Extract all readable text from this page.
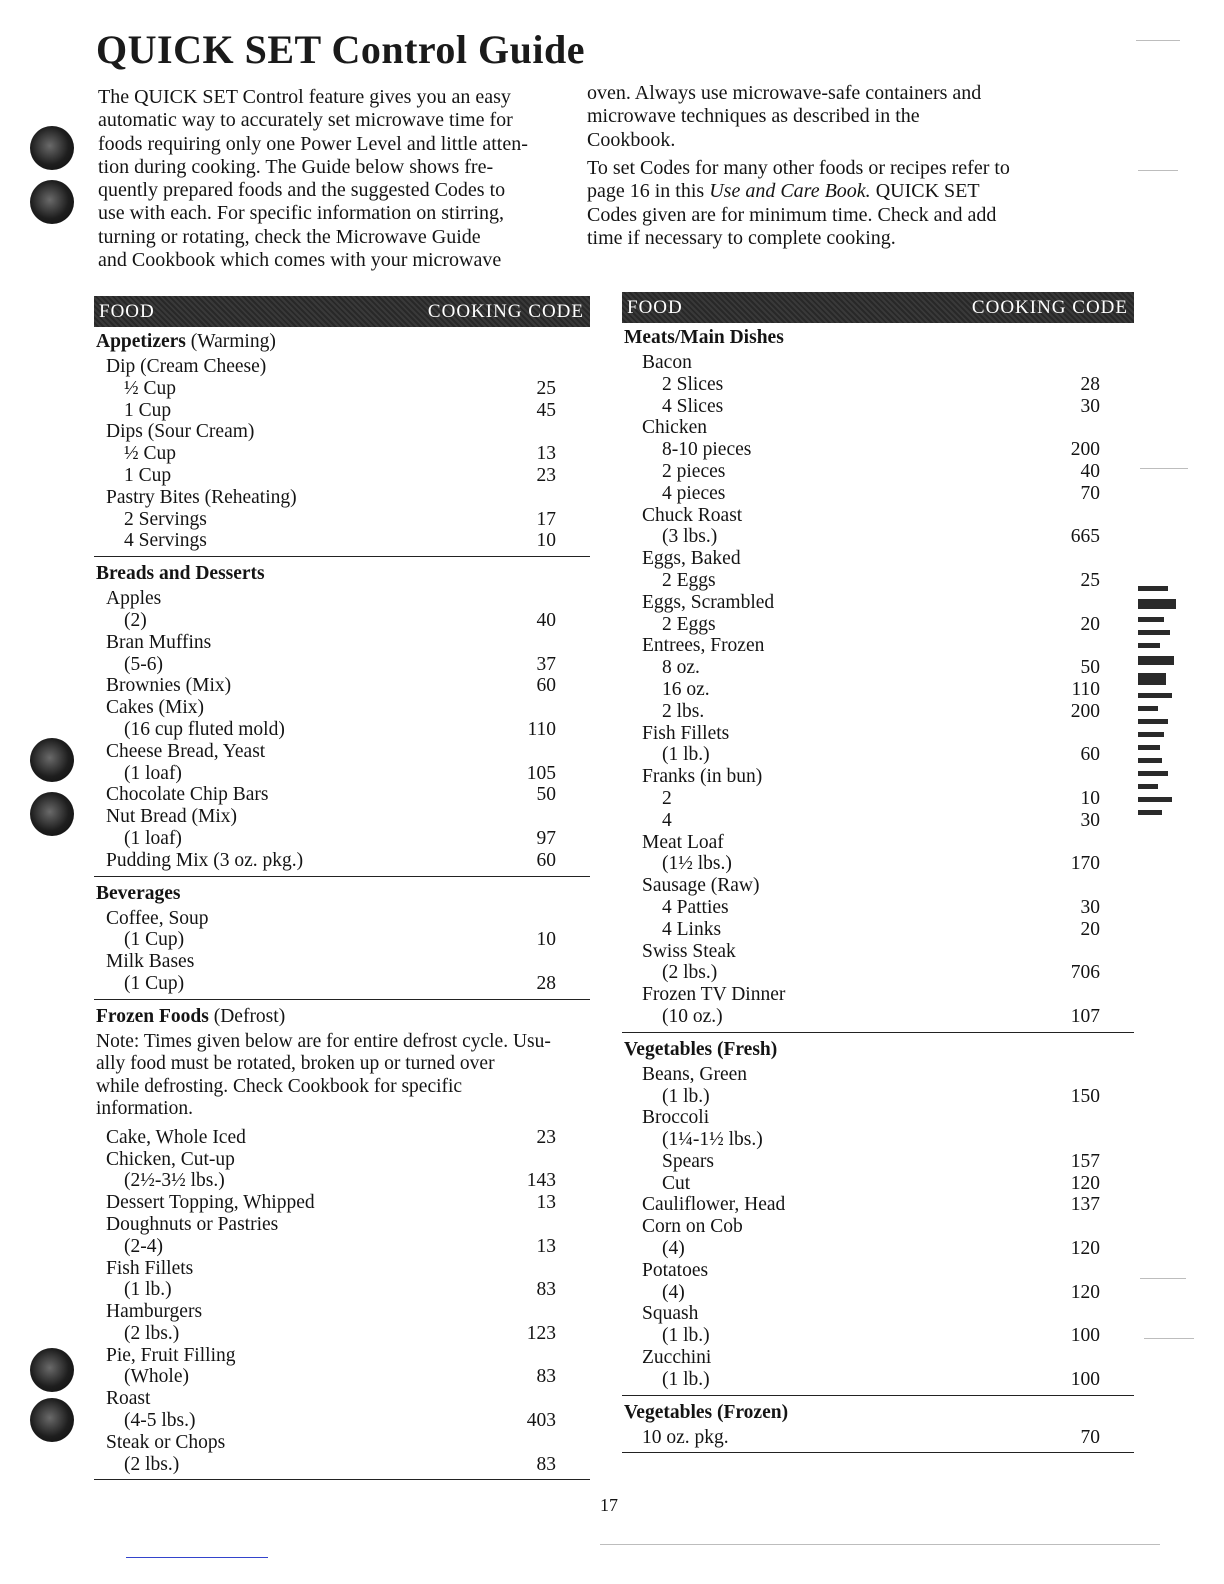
QUICK SET Control Guide
The QUICK SET Control feature gives you an easy
automatic way to accurately set microwave time for
foods requiring only one Power Level and little atten-
tion during cooking. The Guide below shows fre-
quently prepared foods and the suggested Codes to
use with each. For specific information on stirring,
turning or rotating, check the Microwave Guide
and Cookbook which comes with your microwave
oven. Always use microwave-safe containers and
microwave techniques as described in the
Cookbook.
To set Codes for many other foods or recipes refer to
page 16 in this Use and Care Book. QUICK SET
Codes given are for minimum time. Check and add
time if necessary to complete cooking.
FOOD	COOKING CODE
Appetizers (Warming)
Dip (Cream Cheese)
½ Cup	25
1 Cup	45
Dips (Sour Cream)
½ Cup	13
1 Cup	23
Pastry Bites (Reheating)
2 Servings	17
4 Servings	10
Breads and Desserts
Apples
(2)	40
Bran Muffins
(5-6)	37
Brownies (Mix)	60
Cakes (Mix)
(16 cup fluted mold)	110
Cheese Bread, Yeast
(1 loaf)	105
Chocolate Chip Bars	50
Nut Bread (Mix)
(1 loaf)	97
Pudding Mix (3 oz. pkg.)	60
Beverages
Coffee, Soup
(1 Cup)	10
Milk Bases
(1 Cup)	28
Frozen Foods (Defrost)
Note: Times given below are for entire defrost cycle. Usu-
ally food must be rotated, broken up or turned over
while defrosting. Check Cookbook for specific
information.
Cake, Whole Iced	23
Chicken, Cut-up
(2½-3½ lbs.)	143
Dessert Topping, Whipped	13
Doughnuts or Pastries
(2-4)	13
Fish Fillets
(1 lb.)	83
Hamburgers
(2 lbs.)	123
Pie, Fruit Filling
(Whole)	83
Roast
(4-5 lbs.)	403
Steak or Chops
(2 lbs.)	83
FOOD	COOKING CODE
Meats/Main Dishes
Bacon
2 Slices	28
4 Slices	30
Chicken
8-10 pieces	200
2 pieces	40
4 pieces	70
Chuck Roast
(3 lbs.)	665
Eggs, Baked
2 Eggs	25
Eggs, Scrambled
2 Eggs	20
Entrees, Frozen
8 oz.	50
16 oz.	110
2 lbs.	200
Fish Fillets
(1 lb.)	60
Franks (in bun)
2	10
4	30
Meat Loaf
(1½ lbs.)	170
Sausage (Raw)
4 Patties	30
4 Links	20
Swiss Steak
(2 lbs.)	706
Frozen TV Dinner
(10 oz.)	107
Vegetables (Fresh)
Beans, Green
(1 lb.)	150
Broccoli
(1¼-1½ lbs.)
Spears	157
Cut	120
Cauliflower, Head	137
Corn on Cob
(4)	120
Potatoes
(4)	120
Squash
(1 lb.)	100
Zucchini
(1 lb.)	100
Vegetables (Frozen)
10 oz. pkg.	70
17
